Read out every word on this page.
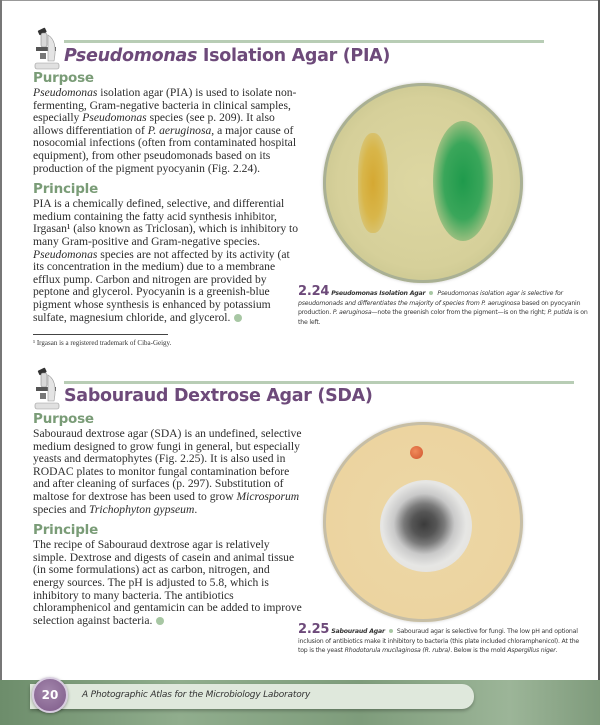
Pseudomonas Isolation Agar (PIA)
Purpose

Pseudomonas isolation agar (PIA) is used to isolate non-fermenting, Gram-negative bacteria in clinical samples, especially Pseudomonas species (see p. 209). It also allows differentiation of P. aeruginosa, a major cause of nosocomial infections (often from contaminated hospital equipment), from other pseudomonads based on its production of the pigment pyocyanin (Fig. 2.24).

Principle

PIA is a chemically defined, selective, and differential medium containing the fatty acid synthesis inhibitor, Irgasan¹ (also known as Triclosan), which is inhibitory to many Gram-positive and Gram-negative species. Pseudomonas species are not affected by its activity (at its concentration in the medium) due to a membrane efflux pump. Carbon and nitrogen are provided by peptone and glycerol. Pyocyanin is a greenish-blue pigment whose synthesis is enhanced by potassium sulfate, magnesium chloride, and glycerol.

¹ Irgasan is a registered trademark of Ciba-Geigy.
2.24 Pseudomonas Isolation Agar Pseudomonas isolation agar is selective for pseudomonads and differentiates the majority of species from P. aeruginosa based on pyocyanin production. P. aeruginosa—note the greenish color from the pigment—is on the right; P. putida is on the left.
Sabouraud Dextrose Agar (SDA)
Purpose

Sabouraud dextrose agar (SDA) is an undefined, selective medium designed to grow fungi in general, but especially yeasts and dermatophytes (Fig. 2.25). It is also used in RODAC plates to monitor fungal contamination before and after cleaning of surfaces (p. 297). Substitution of maltose for dextrose has been used to grow Microsporum species and Trichophyton gypseum.

Principle

The recipe of Sabouraud dextrose agar is relatively simple. Dextrose and digests of casein and animal tissue (in some formulations) act as carbon, nitrogen, and energy sources. The pH is adjusted to 5.8, which is inhibitory to many bacteria. The antibiotics chloramphenicol and gentamicin can be added to improve selection against bacteria.

2.25 Sabouraud Agar Sabouraud agar is selective for fungi. The low pH and optional inclusion of antibiotics make it inhibitory to bacteria (this plate included chloramphenicol). At the top is the yeast Rhodotorula mucilaginosa (R. rubra). Below is the mold Aspergillus niger.
20	A Photographic Atlas for the Microbiology Laboratory
